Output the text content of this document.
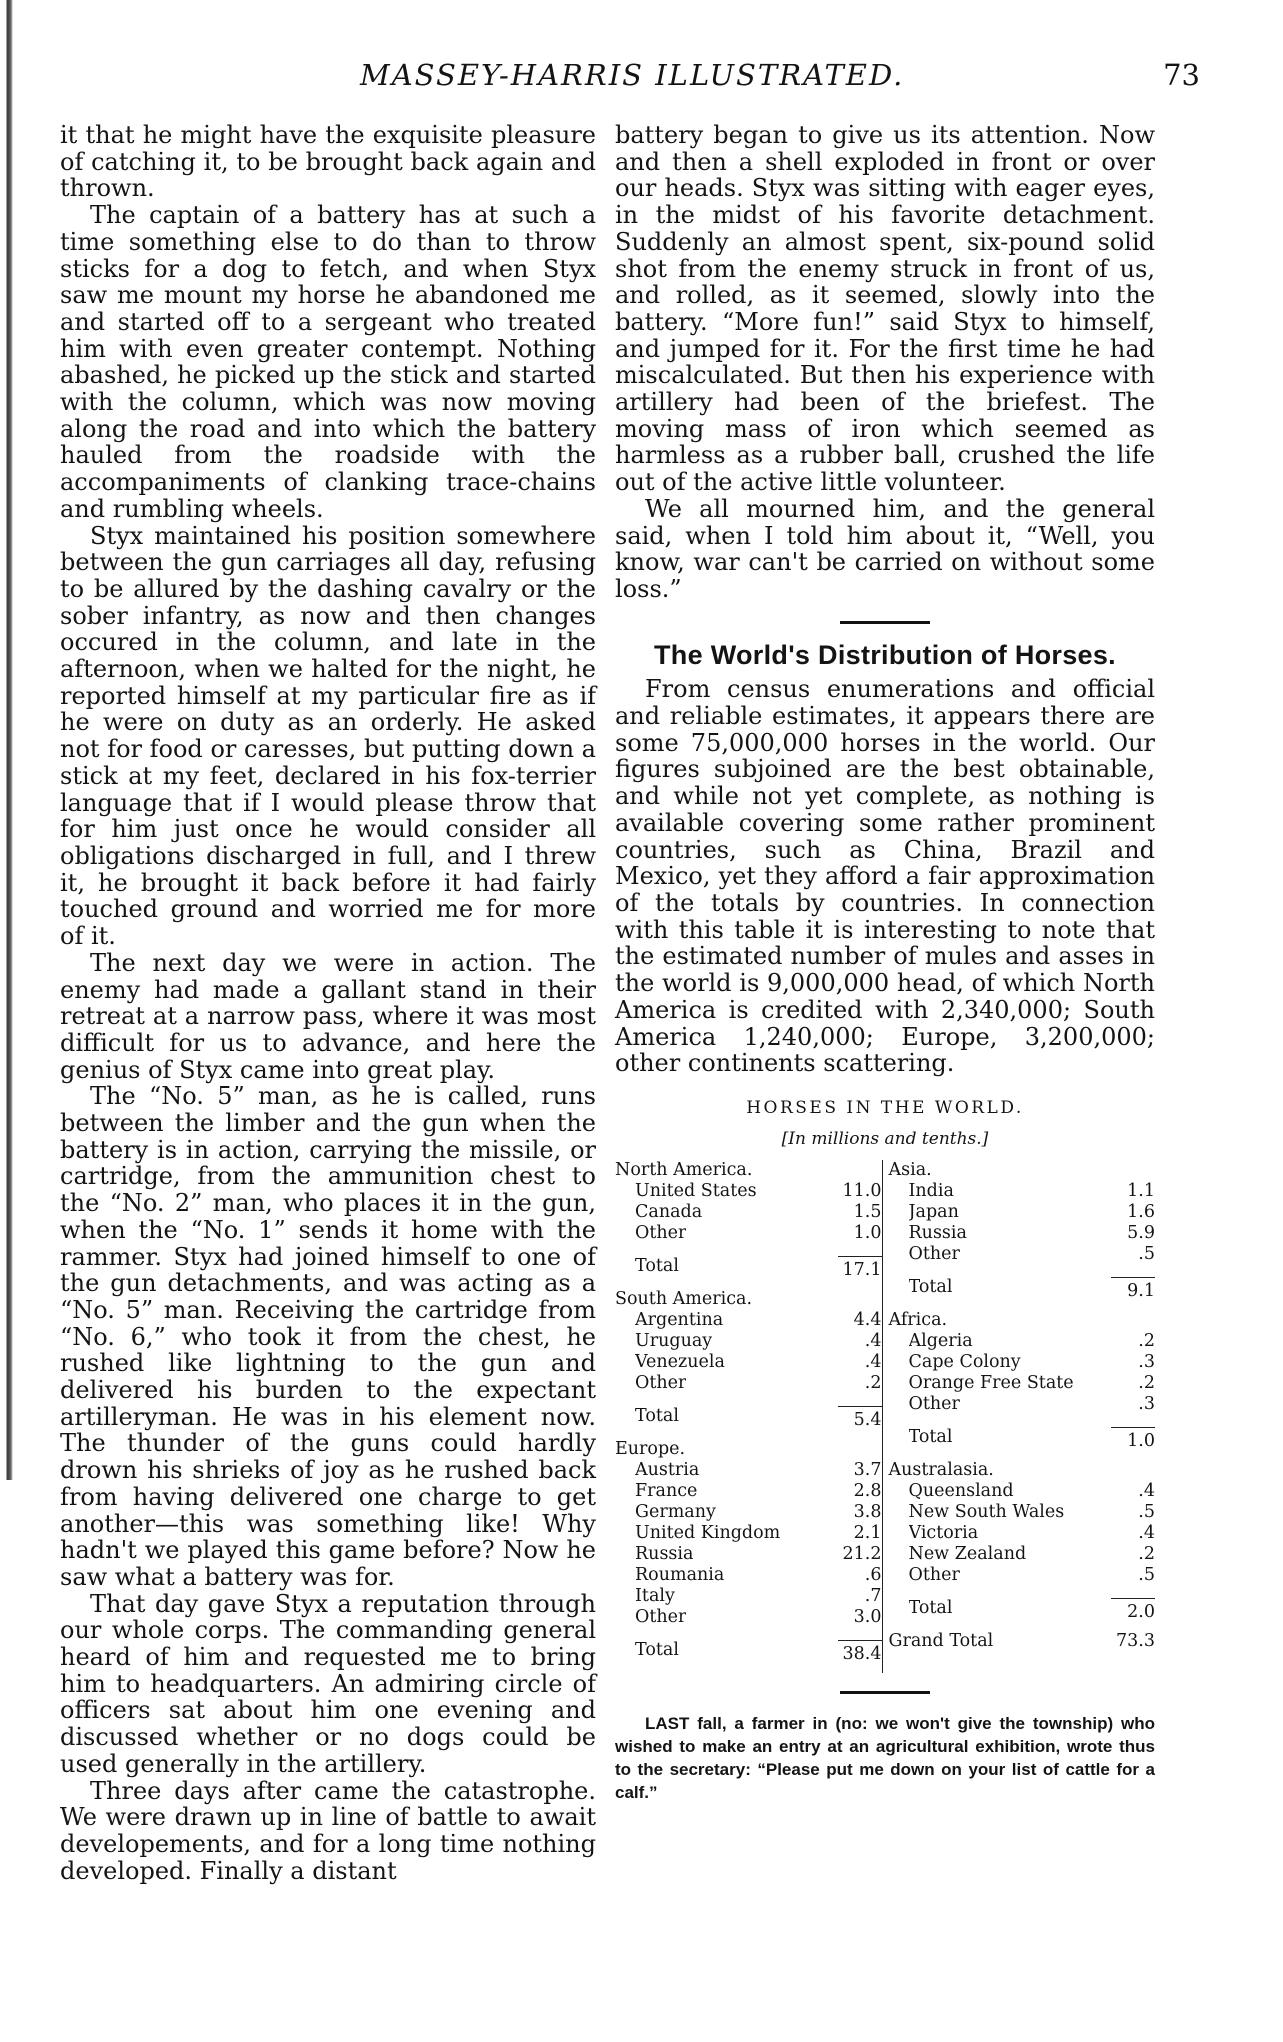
MASSEY-HARRIS ILLUSTRATED.	73

it that he might have the exquisite pleasure of catching it, to be brought back again and thrown.

The captain of a battery has at such a time something else to do than to throw sticks for a dog to fetch, and when Styx saw me mount my horse he abandoned me and started off to a sergeant who treated him with even greater contempt. Nothing abashed, he picked up the stick and started with the column, which was now moving along the road and into which the battery hauled from the roadside with the accompaniments of clanking trace-chains and rumbling wheels.

Styx maintained his position somewhere between the gun carriages all day, refusing to be allured by the dashing cavalry or the sober infantry, as now and then changes occured in the column, and late in the afternoon, when we halted for the night, he reported himself at my particular fire as if he were on duty as an orderly. He asked not for food or caresses, but putting down a stick at my feet, declared in his fox-terrier language that if I would please throw that for him just once he would consider all obligations discharged in full, and I threw it, he brought it back before it had fairly touched ground and worried me for more of it.

The next day we were in action. The enemy had made a gallant stand in their retreat at a narrow pass, where it was most difficult for us to advance, and here the genius of Styx came into great play.

The “No. 5” man, as he is called, runs between the limber and the gun when the battery is in action, carrying the missile, or cartridge, from the ammunition chest to the “No. 2” man, who places it in the gun, when the “No. 1” sends it home with the rammer. Styx had joined himself to one of the gun detachments, and was acting as a “No. 5” man. Receiving the cartridge from “No. 6,” who took it from the chest, he rushed like lightning to the gun and delivered his burden to the expectant artilleryman. He was in his element now. The thunder of the guns could hardly drown his shrieks of joy as he rushed back from having delivered one charge to get another—this was something like! Why hadn't we played this game before? Now he saw what a battery was for.

That day gave Styx a reputation through our whole corps. The commanding general heard of him and requested me to bring him to headquarters. An admiring circle of officers sat about him one evening and discussed whether or no dogs could be used generally in the artillery.

Three days after came the catastrophe. We were drawn up in line of battle to await developements, and for a long time nothing developed. Finally a distant

battery began to give us its attention. Now and then a shell exploded in front or over our heads. Styx was sitting with eager eyes, in the midst of his favorite detachment. Suddenly an almost spent, six-pound solid shot from the enemy struck in front of us, and rolled, as it seemed, slowly into the battery. “More fun!” said Styx to himself, and jumped for it. For the first time he had miscalculated. But then his experience with artillery had been of the briefest. The moving mass of iron which seemed as harmless as a rubber ball, crushed the life out of the active little volunteer.

We all mourned him, and the general said, when I told him about it, “Well, you know, war can't be carried on without some loss.”

The World's Distribution of Horses.

From census enumerations and official and reliable estimates, it appears there are some 75,000,000 horses in the world. Our figures subjoined are the best obtainable, and while not yet complete, as nothing is available covering some rather prominent countries, such as China, Brazil and Mexico, yet they afford a fair approximation of the totals by countries. In connection with this table it is interesting to note that the estimated number of mules and asses in the world is 9,000,000 head, of which North America is credited with 2,340,000; South America 1,240,000; Europe, 3,200,000; other continents scattering.

HORSES IN THE WORLD.
[In millions and tenths.]
North America.
United States	11.0
Canada	1.5
Other	1.0
Total	17.1
South America.
Argentina	4.4
Uruguay	.4
Venezuela	.4
Other	.2
Total	5.4
Europe.
Austria	3.7
France	2.8
Germany	3.8
United Kingdom	2.1
Russia	21.2
Roumania	.6
Italy	.7
Other	3.0
Total	38.4
Asia.
India	1.1
Japan	1.6
Russia	5.9
Other	.5
Total	9.1
Africa.
Algeria	.2
Cape Colony	.3
Orange Free State	.2
Other	.3
Total	1.0
Australasia.
Queensland	.4
New South Wales	.5
Victoria	.4
New Zealand	.2
Other	.5
Total	2.0
Grand Total	73.3

LAST fall, a farmer in (no: we won't give the township) who wished to make an entry at an agricultural exhibition, wrote thus to the secretary: “Please put me down on your list of cattle for a calf.”
